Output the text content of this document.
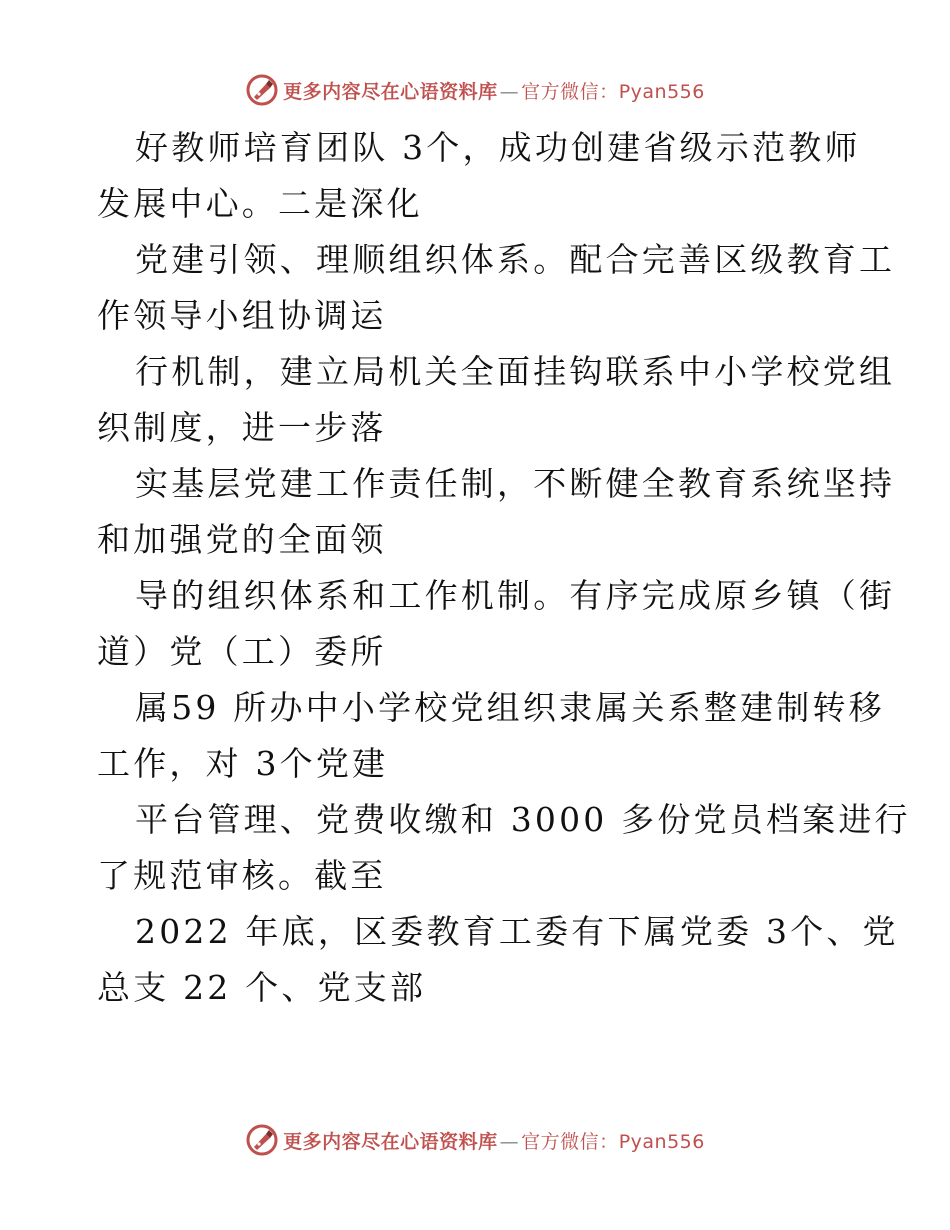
更多内容尽在心语资料库 — 官方微信：Pyan556
好教师培育团队 3个，成功创建省级示范教师
发展中心。二是深化
党建引领、理顺组织体系。配合完善区级教育工
作领导小组协调运
行机制，建立局机关全面挂钩联系中小学校党组
织制度，进一步落
实基层党建工作责任制，不断健全教育系统坚持
和加强党的全面领
导的组织体系和工作机制。有序完成原乡镇（街
道）党（工）委所
属59 所办中小学校党组织隶属关系整建制转移
工作，对 3个党建
平台管理、党费收缴和 3000 多份党员档案进行
了规范审核。截至
2022 年底，区委教育工委有下属党委 3个、党
总支 22 个、党支部
更多内容尽在心语资料库 — 官方微信：Pyan556
